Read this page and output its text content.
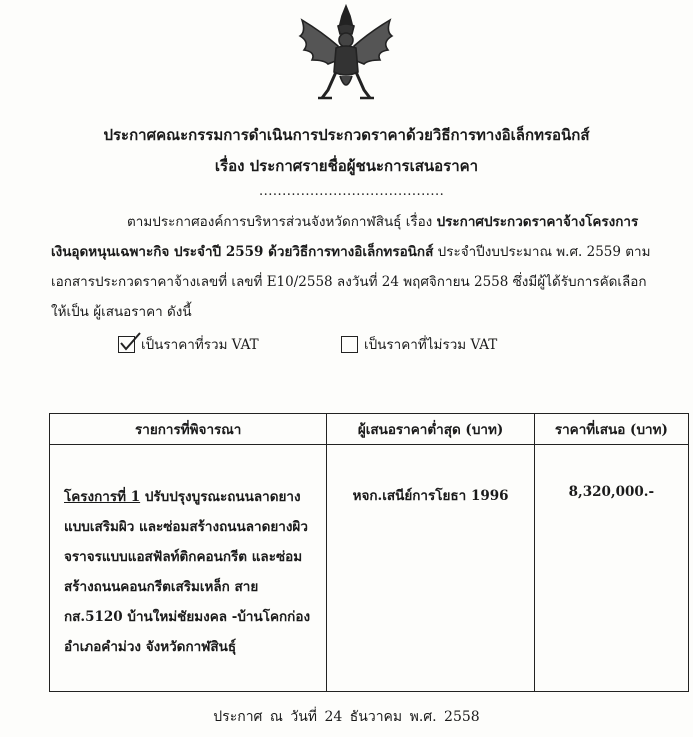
ประกาศคณะกรรมการดำเนินการประกวดราคาด้วยวิธีการทางอิเล็กทรอนิกส์
เรื่อง ประกาศรายชื่อผู้ชนะการเสนอราคา
........................................
ตามประกาศองค์การบริหารส่วนจังหวัดกาฬสินธุ์ เรื่อง ประกาศประกวดราคาจ้างโครงการเงินอุดหนุนเฉพาะกิจ ประจำปี 2559 ด้วยวิธีการทางอิเล็กทรอนิกส์ ประจำปีงบประมาณ พ.ศ. 2559 ตาม เอกสารประกวดราคาจ้างเลขที่ เลขที่ E10/2558 ลงวันที่ 24 พฤศจิกายน 2558 ซึ่งมีผู้ได้รับการคัดเลือกให้เป็น ผู้เสนอราคา ดังนี้
เป็นราคาที่รวม VAT	เป็นราคาที่ไม่รวม VAT
รายการที่พิจารณา	ผู้เสนอราคาต่ำสุด (บาท)	ราคาที่เสนอ (บาท)

โครงการที่ 1 ปรับปรุงบูรณะถนนลาดยางแบบเสริมผิว และซ่อมสร้างถนนลาดยางผิวจราจรแบบแอสฟัลท์ติกคอนกรีต และซ่อมสร้างถนนคอนกรีตเสริมเหล็ก สาย กส.5120 บ้านใหม่ชัยมงคล -บ้านโคกก่อง อำเภอคำม่วง จังหวัดกาฬสินธุ์	หจก.เสนีย์การโยธา 1996	8,320,000.-
ประกาศ ณ วันที่ 24 ธันวาคม พ.ศ. 2558
